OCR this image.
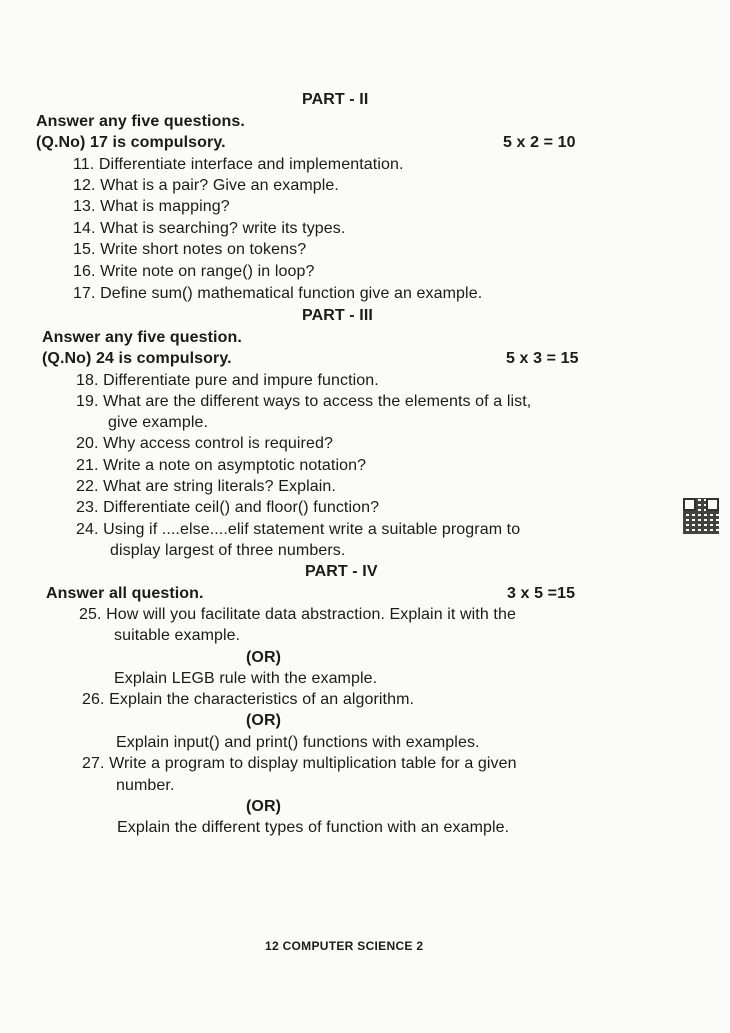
PART - II
Answer any five questions.
(Q.No) 17 is compulsory.	5 x 2 = 10
11. Differentiate interface and implementation.
12. What is a pair? Give an example.
13. What is mapping?
14. What is searching? write its types.
15. Write short notes on tokens?
16. Write note on range() in loop?
17. Define sum() mathematical function give an example.
PART - III
Answer any five question.
(Q.No) 24 is compulsory.	5 x 3 = 15
18. Differentiate pure and impure function.
19. What are the different ways to access the elements of a list,
give example.
20. Why access control is required?
21. Write a note on asymptotic notation?
22. What are string literals? Explain.
23. Differentiate ceil() and floor() function?
24. Using if ....else....elif statement write a suitable program to
display largest of three numbers.
PART - IV
Answer all question.	3 x 5 =15
25. How will you facilitate data abstraction. Explain it with the
suitable example.
(OR)
Explain LEGB rule with the example.
26. Explain the characteristics of an algorithm.
(OR)
Explain input() and print() functions with examples.
27. Write a program to display multiplication table for a given
number.
(OR)
Explain the different types of function with an example.
12 COMPUTER SCIENCE 2
